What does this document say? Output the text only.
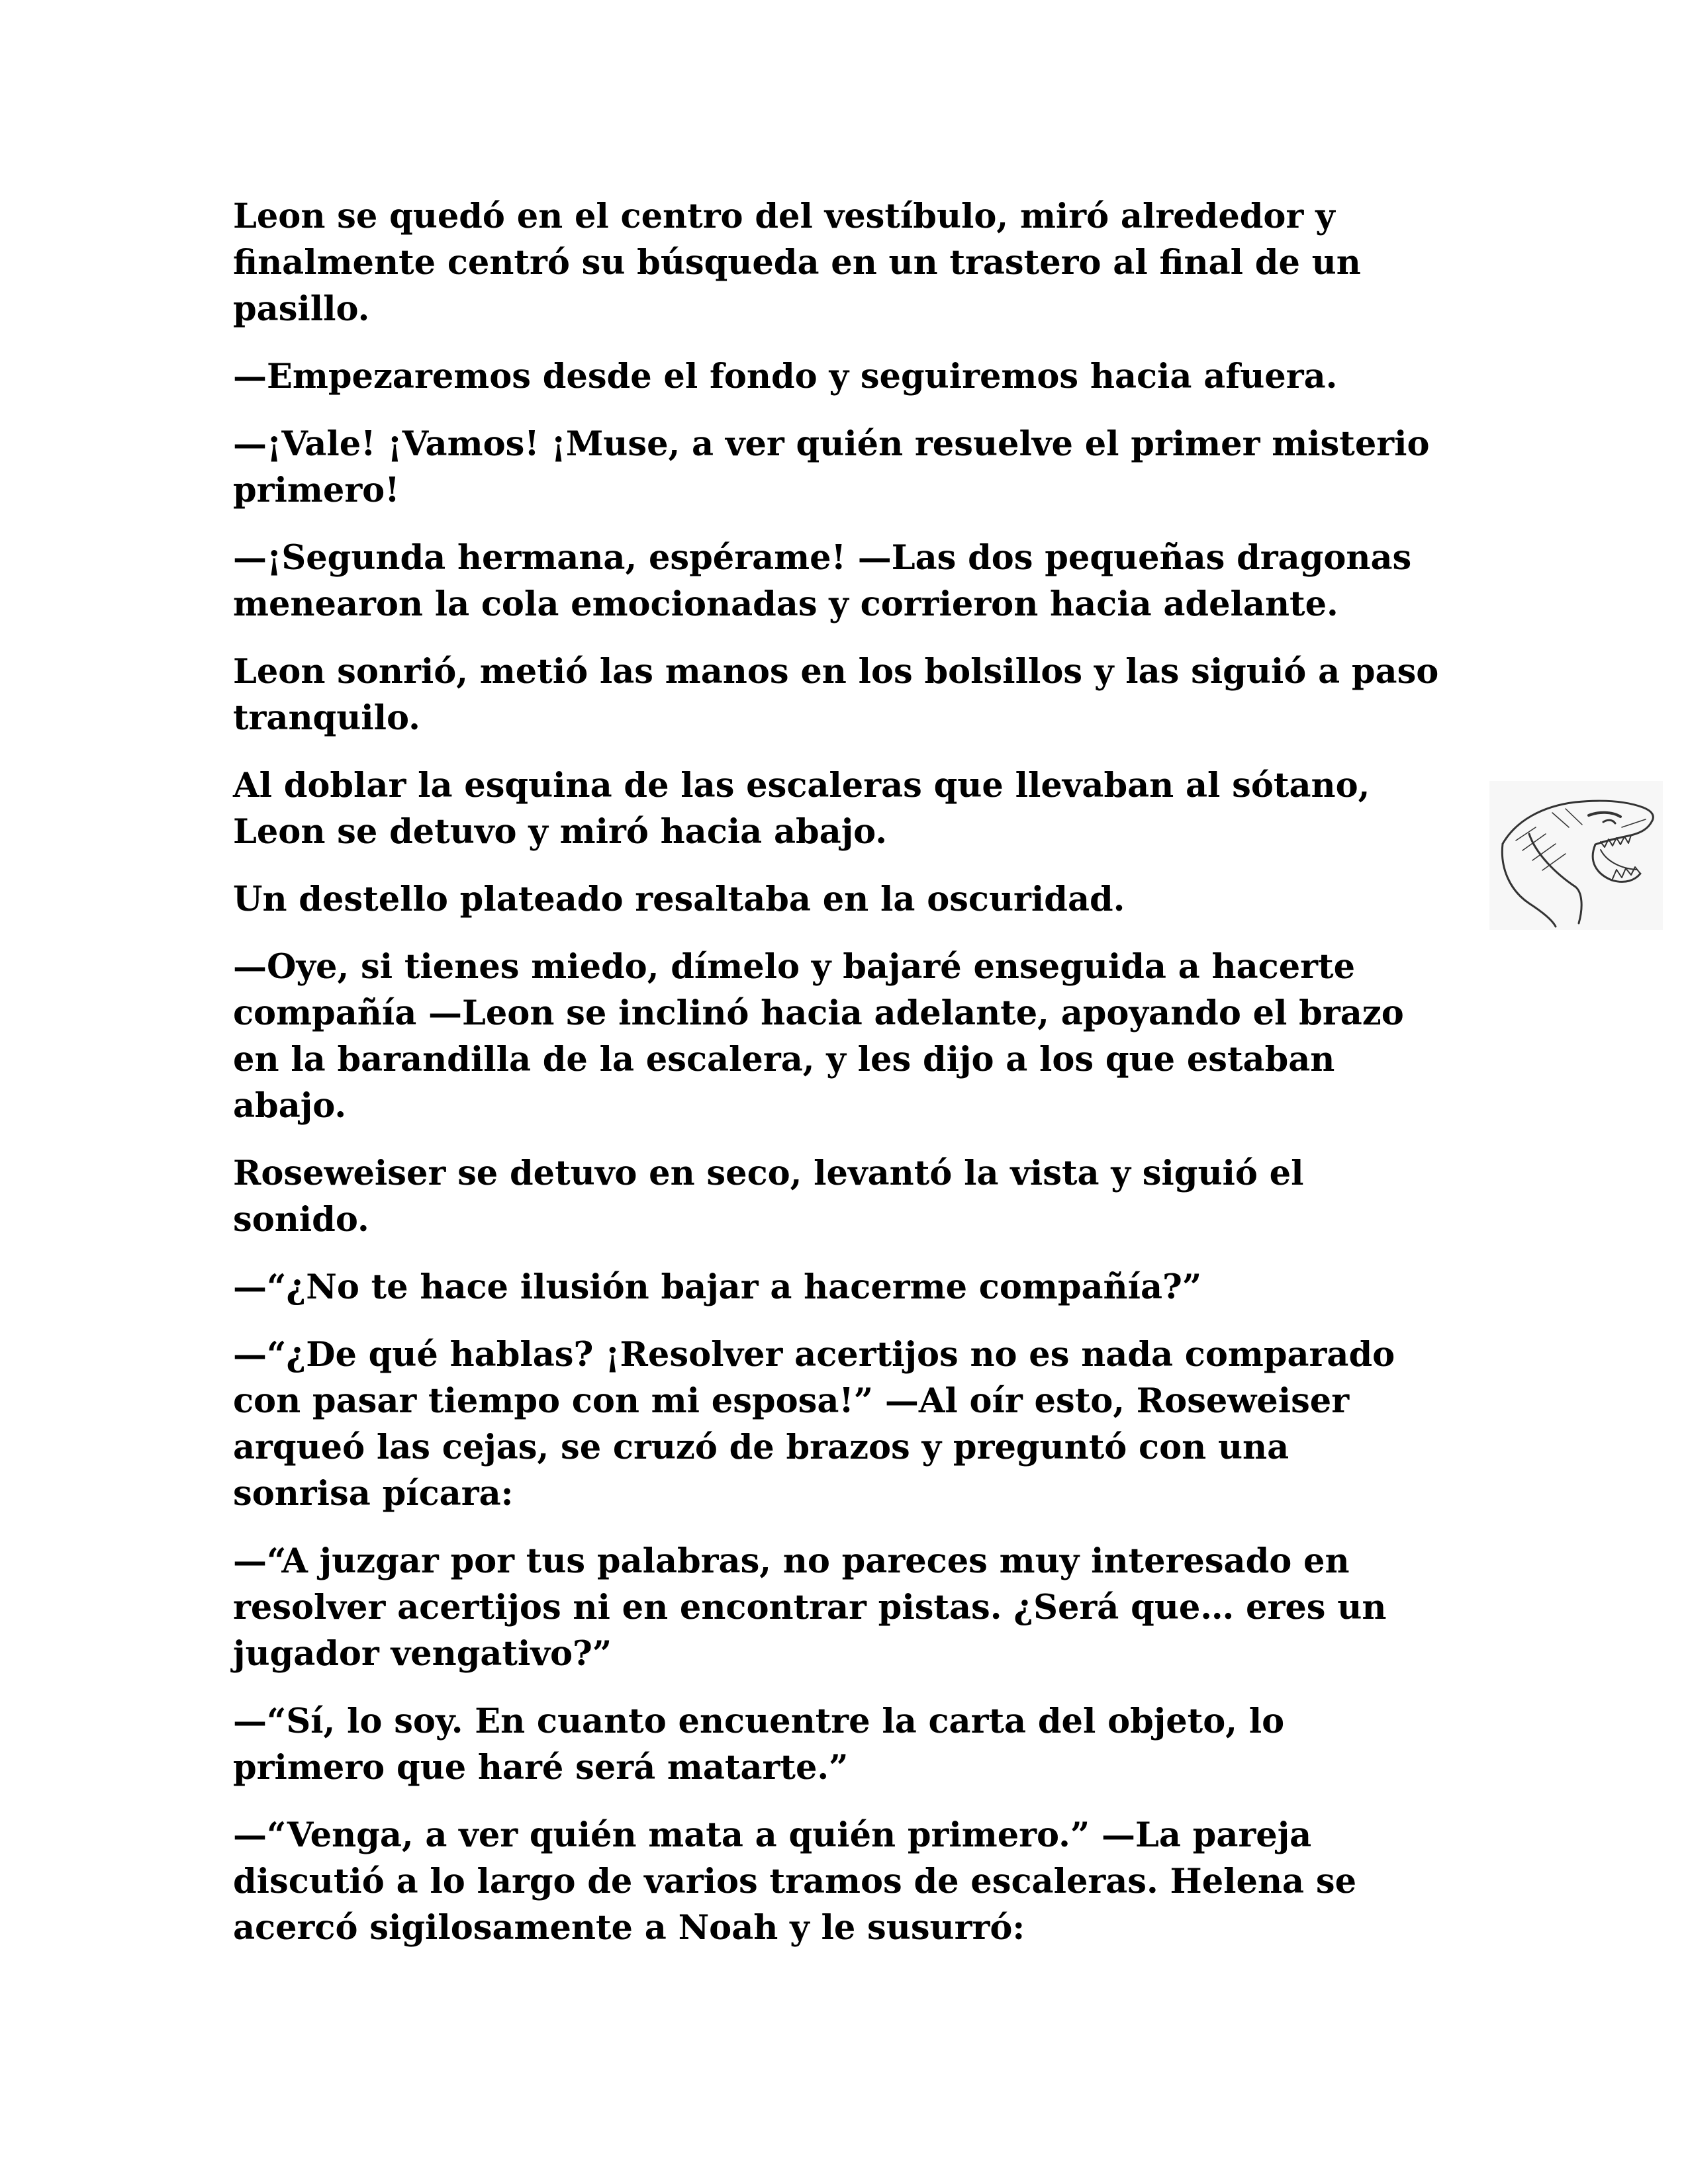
Leon se quedó en el centro del vestíbulo, miró alrededor y
finalmente centró su búsqueda en un trastero al final de un
pasillo.

—Empezaremos desde el fondo y seguiremos hacia afuera.

—¡Vale! ¡Vamos! ¡Muse, a ver quién resuelve el primer misterio
primero!

—¡Segunda hermana, espérame! —Las dos pequeñas dragonas
menearon la cola emocionadas y corrieron hacia adelante.

Leon sonrió, metió las manos en los bolsillos y las siguió a paso
tranquilo.

Al doblar la esquina de las escaleras que llevaban al sótano,
Leon se detuvo y miró hacia abajo.

Un destello plateado resaltaba en la oscuridad.

—Oye, si tienes miedo, dímelo y bajaré enseguida a hacerte
compañía —Leon se inclinó hacia adelante, apoyando el brazo
en la barandilla de la escalera, y les dijo a los que estaban
abajo.

Roseweiser se detuvo en seco, levantó la vista y siguió el
sonido.

—“¿No te hace ilusión bajar a hacerme compañía?”

—“¿De qué hablas? ¡Resolver acertijos no es nada comparado
con pasar tiempo con mi esposa!” —Al oír esto, Roseweiser
arqueó las cejas, se cruzó de brazos y preguntó con una
sonrisa pícara:

—“A juzgar por tus palabras, no pareces muy interesado en
resolver acertijos ni en encontrar pistas. ¿Será que… eres un
jugador vengativo?”

—“Sí, lo soy. En cuanto encuentre la carta del objeto, lo
primero que haré será matarte.”

—“Venga, a ver quién mata a quién primero.” —La pareja
discutió a lo largo de varios tramos de escaleras. Helena se
acercó sigilosamente a Noah y le susurró:
